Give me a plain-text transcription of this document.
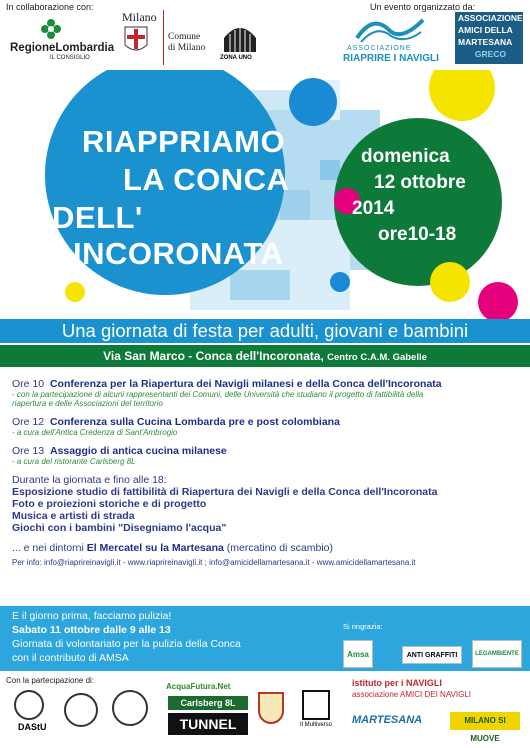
In collaborazione con:	Un evento organizzato da:
RegioneLombardia
IL CONSIGLIO
Milano
Comune
di Milano
ZONA UNO
ASSOCIAZIONE
RIAPRIRE I NAVIGLI
ASSOCIAZIONE
AMICI DELLA
MARTESANA
GRECO
RIAPPRIAMO
LA CONCA
DELL'
INCORONATA
domenica
12 ottobre
2014
ore10-18
Una giornata di festa per adulti, giovani e bambini
Via San Marco - Conca dell'Incoronata, Centro C.A.M. Gabelle
Ore 10 Conferenza per la Riapertura dei Navigli milanesi e della Conca dell'Incoronata
- con la partecipazione di alcuni rappresentanti dei Comuni, delle Università che studiano il progetto di fattibilità della
riapertura e delle Associazioni del territorio
Ore 12 Conferenza sulla Cucina Lombarda pre e post colombiana
- a cura dell'Antica Credenza di Sant'Ambrogio
Ore 13 Assaggio di antica cucina milanese
- a cura del ristorante Carlsberg 8L
Durante la giornata e fino alle 18:
Esposizione studio di fattibilità di Riapertura dei Navigli e della Conca dell'Incoronata
Foto e proiezioni storiche e di progetto
Musica e artisti di strada
Giochi con i bambini "Disegniamo l'acqua"
... e nei dintorni El Mercatel su la Martesana (mercatino di scambio)
Per info: info@riaprireinavigli.it - www.riaprireinavigli.it ; info@amicidellamartesana.it - www.amicidellamartesana.it
E il giorno prima, facciamo pulizia!
Sabato 11 ottobre dalle 9 alle 13
Giornata di volontariato per la pulizia della Conca
con il contributo di AMSA
Si ringrazia:
Amsa	ANTI GRAFFITI	LEGAMBIENTE
Con la partecipazione di:
DAStU
AcquaFutura.Net
Carlsberg 8L
TUNNEL	Il Multiverso
istituto per i NAVIGLI
associazione AMICI DEI NAVIGLI
MARTESANA	MILANO SI MUOVE
